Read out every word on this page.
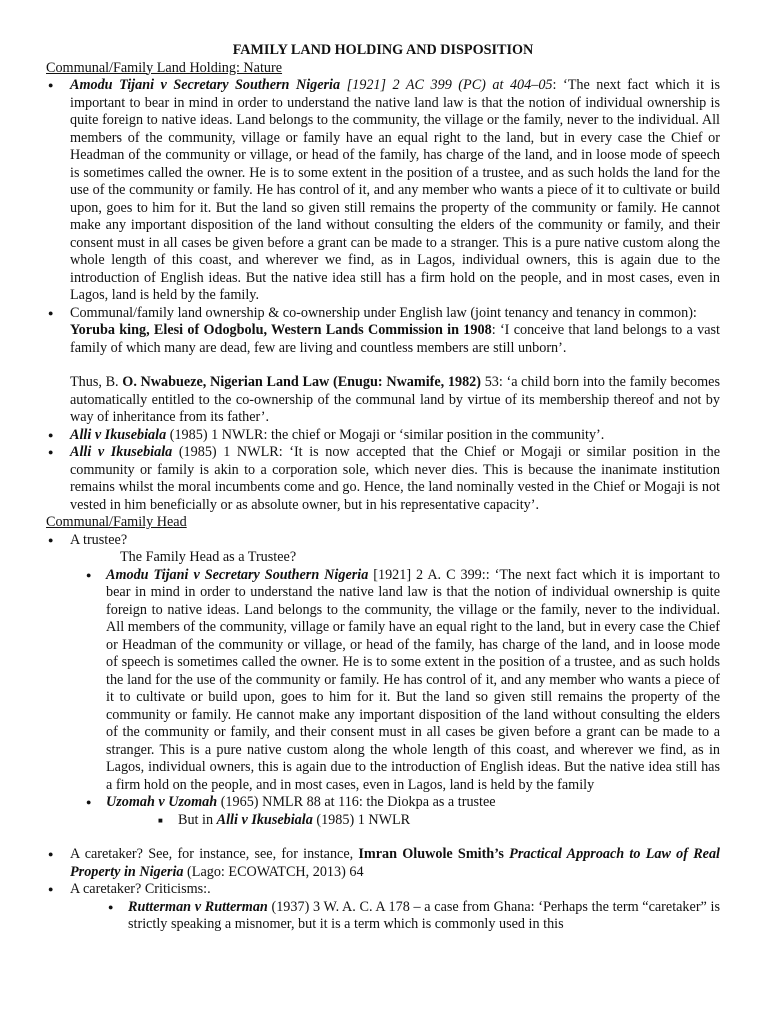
FAMILY LAND HOLDING AND DISPOSITION

Communal/Family Land Holding: Nature

● Amodu Tijani v Secretary Southern Nigeria [1921] 2 AC 399 (PC) at 404–05: ‘The next fact which it is important to bear in mind in order to understand the native land law is that the notion of individual ownership is quite foreign to native ideas. Land belongs to the community, the village or the family, never to the individual. All members of the community, village or family have an equal right to the land, but in every case the Chief or Headman of the community or village, or head of the family, has charge of the land, and in loose mode of speech is sometimes called the owner. He is to some extent in the position of a trustee, and as such holds the land for the use of the community or family. He has control of it, and any member who wants a piece of it to cultivate or build upon, goes to him for it. But the land so given still remains the property of the community or family. He cannot make any important disposition of the land without consulting the elders of the community or family, and their consent must in all cases be given before a grant can be made to a stranger. This is a pure native custom along the whole length of this coast, and wherever we find, as in Lagos, individual owners, this is again due to the introduction of English ideas. But the native idea still has a firm hold on the people, and in most cases, even in Lagos, land is held by the family.
● Communal/family land ownership & co-ownership under English law (joint tenancy and tenancy in common):
Yoruba king, Elesi of Odogbolu, Western Lands Commission in 1908: ‘I conceive that land belongs to a vast family of which many are dead, few are living and countless members are still unborn’.
Thus, B. O. Nwabueze, Nigerian Land Law (Enugu: Nwamife, 1982) 53: ‘a child born into the family becomes automatically entitled to the co-ownership of the communal land by virtue of its membership thereof and not by way of inheritance from its father’.
● Alli v Ikusebiala (1985) 1 NWLR: the chief or Mogaji or ‘similar position in the community’.
● Alli v Ikusebiala (1985) 1 NWLR: ‘It is now accepted that the Chief or Mogaji or similar position in the community or family is akin to a corporation sole, which never dies. This is because the inanimate institution remains whilst the moral incumbents come and go. Hence, the land nominally vested in the Chief or Mogaji is not vested in him beneficially or as absolute owner, but in his representative capacity’.

Communal/Family Head

● A trustee?
The Family Head as a Trustee?
● Amodu Tijani v Secretary Southern Nigeria [1921] 2 A. C 399:: ‘The next fact which it is important to bear in mind in order to understand the native land law is that the notion of individual ownership is quite foreign to native ideas. Land belongs to the community, the village or the family, never to the individual. All members of the community, village or family have an equal right to the land, but in every case the Chief or Headman of the community or village, or head of the family, has charge of the land, and in loose mode of speech is sometimes called the owner. He is to some extent in the position of a trustee, and as such holds the land for the use of the community or family. He has control of it, and any member who wants a piece of it to cultivate or build upon, goes to him for it. But the land so given still remains the property of the community or family. He cannot make any important disposition of the land without consulting the elders of the community or family, and their consent must in all cases be given before a grant can be made to a stranger. This is a pure native custom along the whole length of this coast, and wherever we find, as in Lagos, individual owners, this is again due to the introduction of English ideas. But the native idea still has a firm hold on the people, and in most cases, even in Lagos, land is held by the family
● Uzomah v Uzomah (1965) NMLR 88 at 116: the Diokpa as a trustee
■ But in Alli v Ikusebiala (1985) 1 NWLR
● A caretaker? See, for instance, see, for instance, Imran Oluwole Smith’s Practical Approach to Law of Real Property in Nigeria (Lago: ECOWATCH, 2013) 64
● A caretaker? Criticisms:.
● Rutterman v Rutterman (1937) 3 W. A. C. A 178 – a case from Ghana: ‘Perhaps the term “caretaker” is strictly speaking a misnomer, but it is a term which is commonly used in this
